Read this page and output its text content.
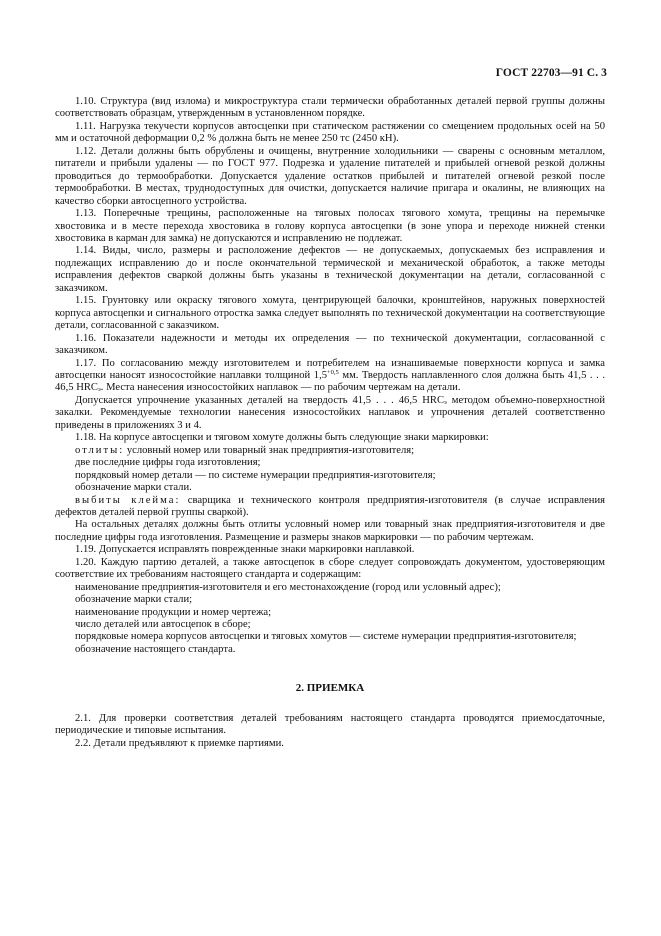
ГОСТ 22703—91 С. 3

1.10. Структура (вид излома) и микроструктура стали термически обработанных деталей первой группы должны соответствовать образцам, утвержденным в установленном порядке.

1.11. Нагрузка текучести корпусов автосцепки при статическом растяжении со смещением продольных осей на 50 мм и остаточной деформации 0,2 % должна быть не менее 250 тс (2450 кН).

1.12. Детали должны быть обрублены и очищены, внутренние холодильники — сварены с основным металлом, питатели и прибыли удалены — по ГОСТ 977. Подрезка и удаление питателей и прибылей огневой резкой должны проводиться до термообработки. Допускается удаление остатков прибылей и питателей огневой резкой после термообработки. В местах, труднодоступных для очистки, допускается наличие пригара и окалины, не влияющих на качество сборки автосцепного устройства.

1.13. Поперечные трещины, расположенные на тяговых полосах тягового хомута, трещины на перемычке хвостовика и в месте перехода хвостовика в голову корпуса автосцепки (в зоне упора и переходе нижней стенки хвостовика в карман для замка) не допускаются и исправлению не подлежат.

1.14. Виды, число, размеры и расположение дефектов — не допускаемых, допускаемых без исправления и подлежащих исправлению до и после окончательной термической и механической обработок, а также методы исправления дефектов сваркой должны быть указаны в технической документации на детали, согласованной с заказчиком.

1.15. Грунтовку или окраску тягового хомута, центрирующей балочки, кронштейнов, наружных поверхностей корпуса автосцепки и сигнального отростка замка следует выполнять по технической документации на соответствующие детали, согласованной с заказчиком.

1.16. Показатели надежности и методы их определения — по технической документации, согласованной с заказчиком.

1.17. По согласованию между изготовителем и потребителем на изнашиваемые поверхности корпуса и замка автосцепки наносят износостойкие наплавки толщиной $1,5^{+0,5}$ мм. Твердость наплавленного слоя должна быть 41,5 . . . 46,5 $HRC_э$. Места нанесения износостойких наплавок — по рабочим чертежам на детали.

Допускается упрочнение указанных деталей на твердость 41,5 . . . 46,5 $HRC_э$ методом объемно-поверхностной закалки. Рекомендуемые технологии нанесения износостойких наплавок и упрочнения деталей соответственно приведены в приложениях 3 и 4.

1.18. На корпусе автосцепки и тяговом хомуте должны быть следующие знаки маркировки:

отлиты: условный номер или товарный знак предприятия-изготовителя;

две последние цифры года изготовления;

порядковый номер детали — по системе нумерации предприятия-изготовителя;

обозначение марки стали.

выбиты клейма: сварщика и технического контроля предприятия-изготовителя (в случае исправления дефектов деталей первой группы сваркой).

На остальных деталях должны быть отлиты условный номер или товарный знак предприятия-изготовителя и две последние цифры года изготовления. Размещение и размеры знаков маркировки — по рабочим чертежам.

1.19. Допускается исправлять поврежденные знаки маркировки наплавкой.

1.20. Каждую партию деталей, а также автосцепок в сборе следует сопровождать документом, удостоверяющим соответствие их требованиям настоящего стандарта и содержащим:

наименование предприятия-изготовителя и его местонахождение (город или условный адрес);

обозначение марки стали;

наименование продукции и номер чертежа;

число деталей или автосцепок в сборе;

порядковые номера корпусов автосцепки и тяговых хомутов — системе нумерации предприятия-изготовителя;

обозначение настоящего стандарта.

2. ПРИЕМКА

2.1. Для проверки соответствия деталей требованиям настоящего стандарта проводятся приемосдаточные, периодические и типовые испытания.

2.2. Детали предъявляют к приемке партиями.
